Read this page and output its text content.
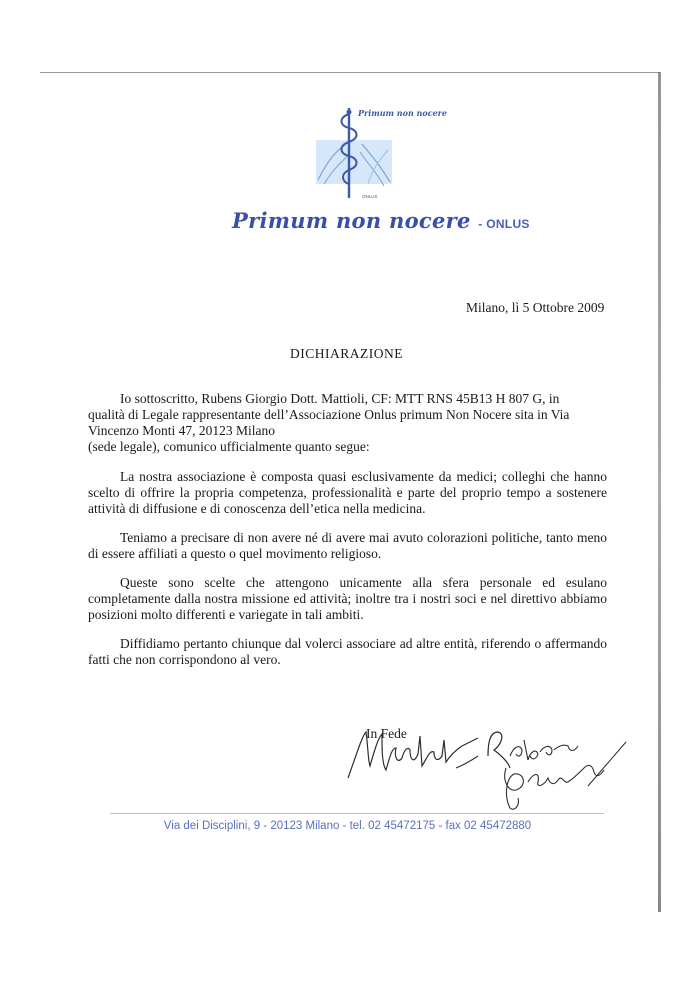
Primum non nocere
ONLUS
Primum non nocere - ONLUS
Milano, lì 5 Ottobre 2009
DICHIARAZIONE
Io sottoscritto, Rubens Giorgio Dott. Mattioli, CF: MTT RNS 45B13 H 807 G, in
qualità di Legale rappresentante dell’Associazione Onlus primum Non Nocere sita in Via
Vincenzo Monti 47, 20123 Milano
(sede legale), comunico ufficialmente quanto segue:

La nostra associazione è composta quasi esclusivamente da medici; colleghi che hanno scelto di offrire la propria competenza, professionalità e parte del proprio tempo a sostenere attività di diffusione e di conoscenza dell’etica nella medicina.

Teniamo a precisare di non avere né di avere mai avuto colorazioni politiche, tanto meno di essere affiliati a questo o quel movimento religioso.

Queste sono scelte che attengono unicamente alla sfera personale ed esulano completamente dalla nostra missione ed attività; inoltre tra i nostri soci e nel direttivo abbiamo posizioni molto differenti e variegate in tali ambiti.

Diffidiamo pertanto chiunque dal volerci associare ad altre entità, riferendo o affermando fatti che non corrispondono al vero.

In Fede
Via dei Disciplini, 9 - 20123 Milano - tel. 02 45472175 - fax 02 45472880
